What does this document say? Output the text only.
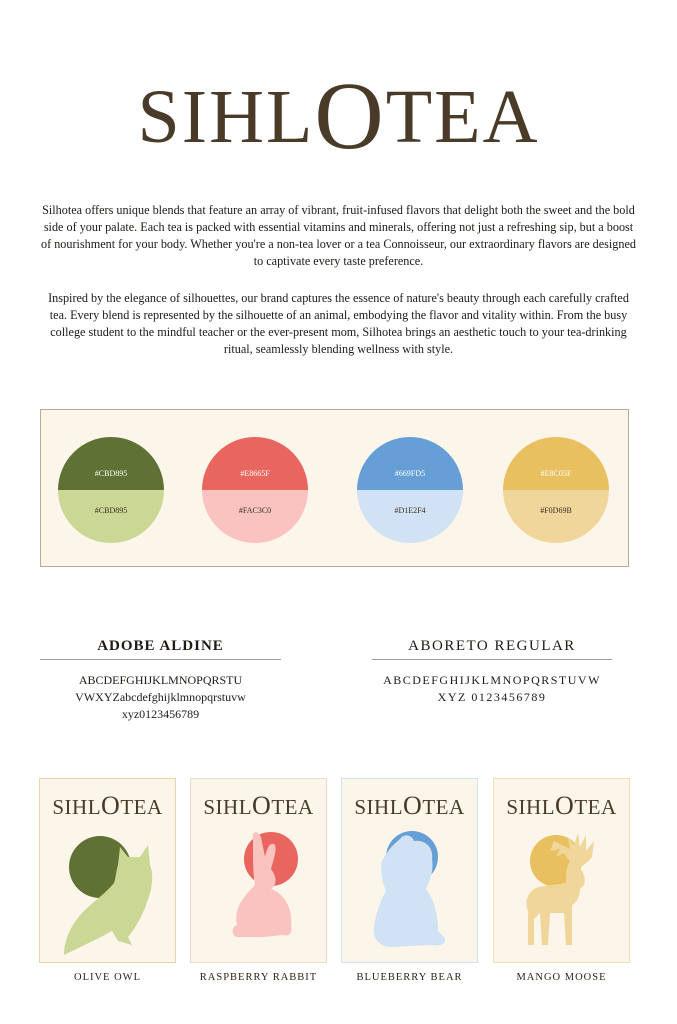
SIHLOTEA

Silhotea offers unique blends that feature an array of vibrant, fruit-infused flavors that delight both the sweet and the bold side of your palate. Each tea is packed with essential vitamins and minerals, offering not just a refreshing sip, but a boost of nourishment for your body. Whether you're a non-tea lover or a tea Connoisseur, our extraordinary flavors are designed to captivate every taste preference.

Inspired by the elegance of silhouettes, our brand captures the essence of nature's beauty through each carefully crafted tea. Every blend is represented by the silhouette of an animal, embodying the flavor and vitality within. From the busy college student to the mindful teacher or the ever-present mom, Silhotea brings an aesthetic touch to your tea-drinking ritual, seamlessly blending wellness with style.

#CBD895
#CBD895
#E8665F
#FAC3C0
#669FD5
#D1E2F4
#E8C05F
#F0D69B
ADOBE ALDINE
ABCDEFGHIJKLMNOPQRSTU
VWXYZabcdefghijklmnopqrstuvw
xyz0123456789
ABORETO REGULAR
ABCDEFGHIJKLMNOPQRSTUVW
XYZ 0123456789
SIHLOTEA
OLIVE OWL
SIHLOTEA
RASPBERRY RABBIT
SIHLOTEA
BLUEBERRY BEAR
SIHLOTEA
MANGO MOOSE
